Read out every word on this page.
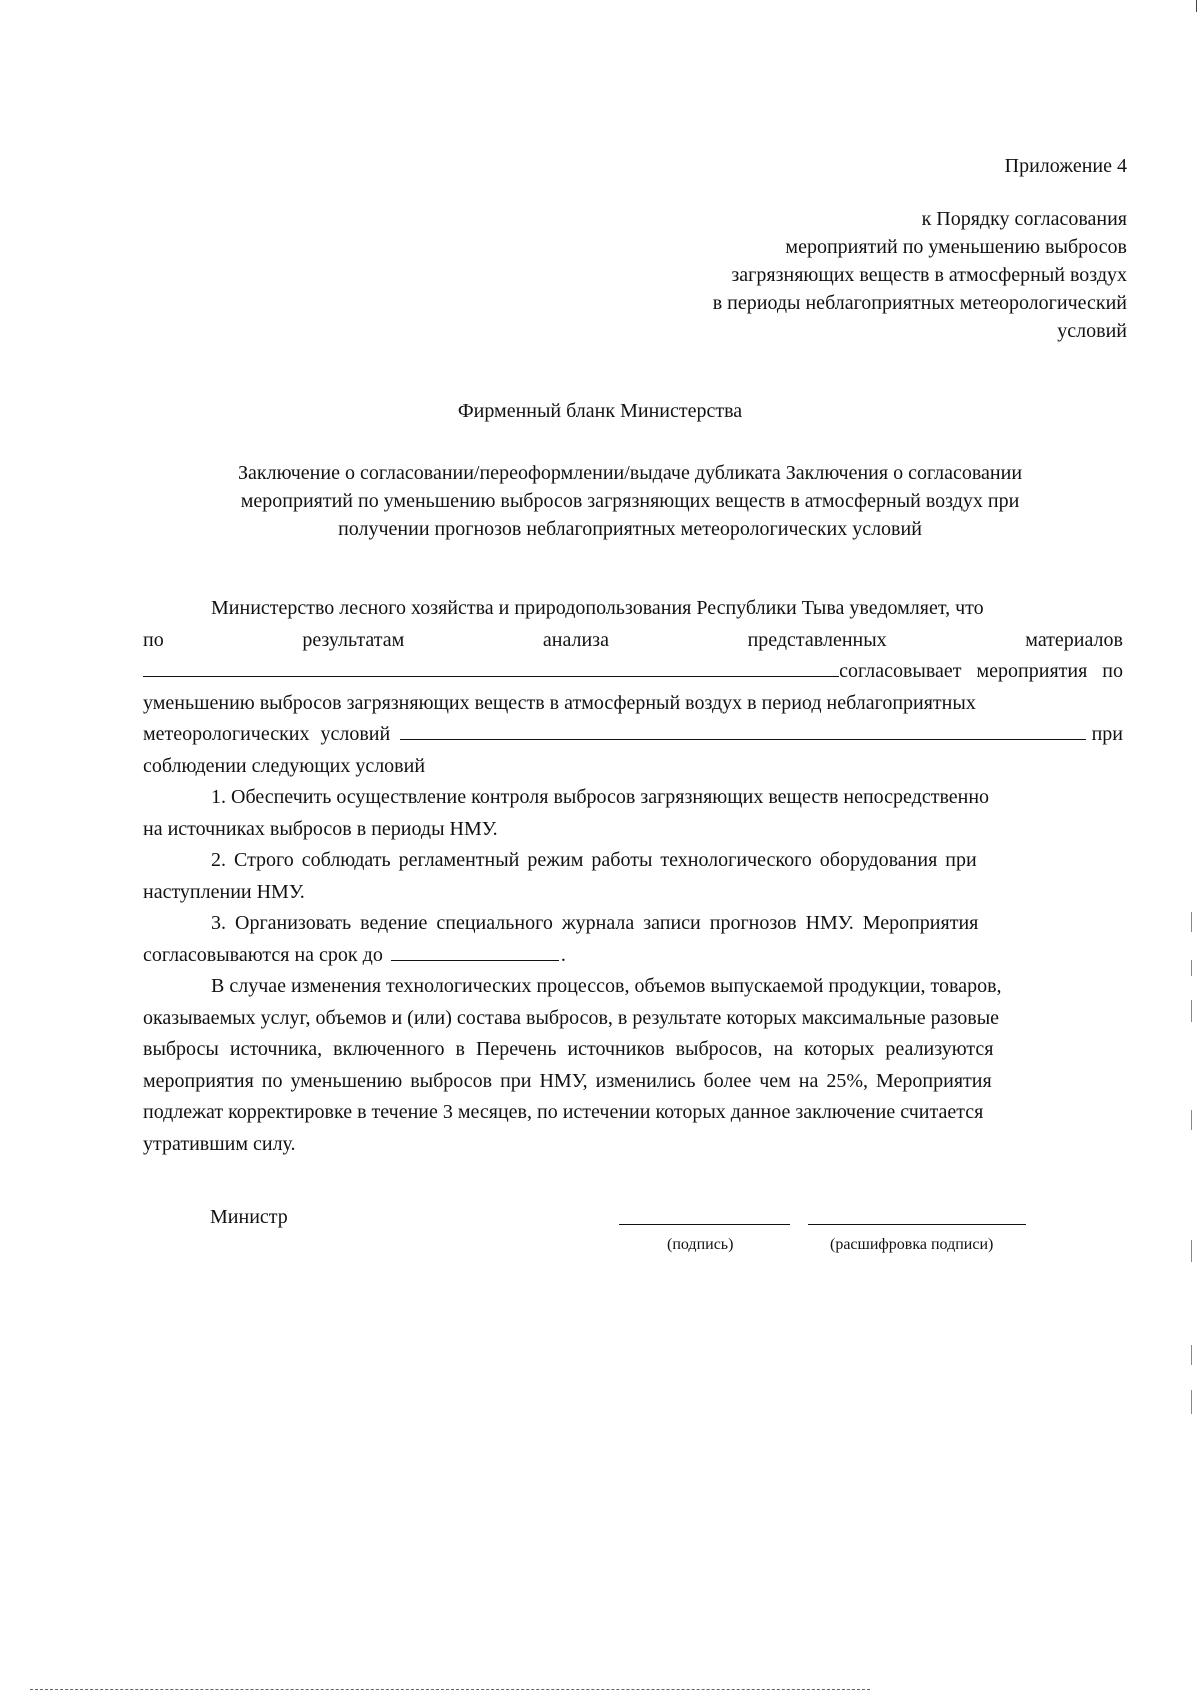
Приложение 4
к Порядку согласования
мероприятий по уменьшению выбросов
загрязняющих веществ в атмосферный воздух
в периоды неблагоприятных метеорологический
условий
Фирменный бланк Министерства
Заключение о согласовании/переоформлении/выдаче дубликата Заключения о согласовании
мероприятий по уменьшению выбросов загрязняющих веществ в атмосферный воздух при
получении прогнозов неблагоприятных метеорологических условий
Министерство лесного хозяйства и природопользования Республики Тыва уведомляет, что
по	результатам	анализа	представленных	материалов
согласовывает мероприятия по
уменьшению выбросов загрязняющих веществ в атмосферный воздух в период неблагоприятных
метеорологических условий	при
соблюдении следующих условий
1. Обеспечить осуществление контроля выбросов загрязняющих веществ непосредственно
на источниках выбросов в периоды НМУ.
2. Строго соблюдать регламентный режим работы технологического оборудования при
наступлении НМУ.
3. Организовать ведение специального журнала записи прогнозов НМУ. Мероприятия
согласовываются на срок до	.
В случае изменения технологических процессов, объемов выпускаемой продукции, товаров,
оказываемых услуг, объемов и (или) состава выбросов, в результате которых максимальные разовые
выбросы источника, включенного в Перечень источников выбросов, на которых реализуются
мероприятия по уменьшению выбросов при НМУ, изменились более чем на 25%, Мероприятия
подлежат корректировке в течение 3 месяцев, по истечении которых данное заключение считается
утратившим силу.
Министр
(подпись)	(расшифровка подписи)
